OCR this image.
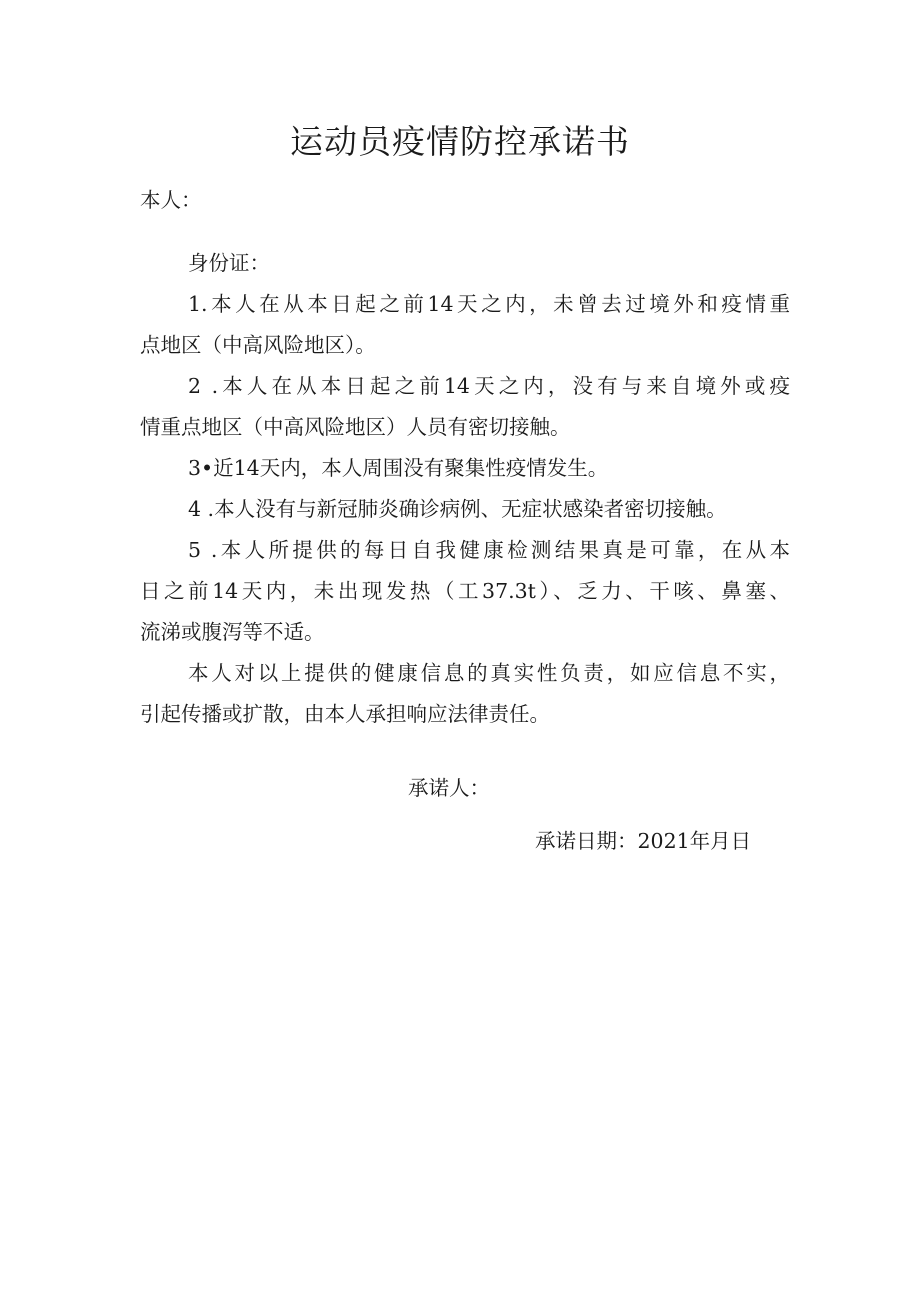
运动员疫情防控承诺书

本人：

身份证：

1.本人在从本日起之前14天之内，未曾去过境外和疫情重

点地区（中高风险地区）。

2 .本人在从本日起之前14天之内，没有与来自境外或疫

情重点地区（中高风险地区）人员有密切接触。

3•近14天内，本人周围没有聚集性疫情发生。

4 .本人没有与新冠肺炎确诊病例、无症状感染者密切接触。

5 .本人所提供的每日自我健康检测结果真是可靠，在从本

日之前14天内，未出现发热（工37.3t）、乏力、干咳、鼻塞、

流涕或腹泻等不适。

本人对以上提供的健康信息的真实性负责，如应信息不实，

引起传播或扩散，由本人承担响应法律责任。

承诺人：
承诺日期：2021年月日
